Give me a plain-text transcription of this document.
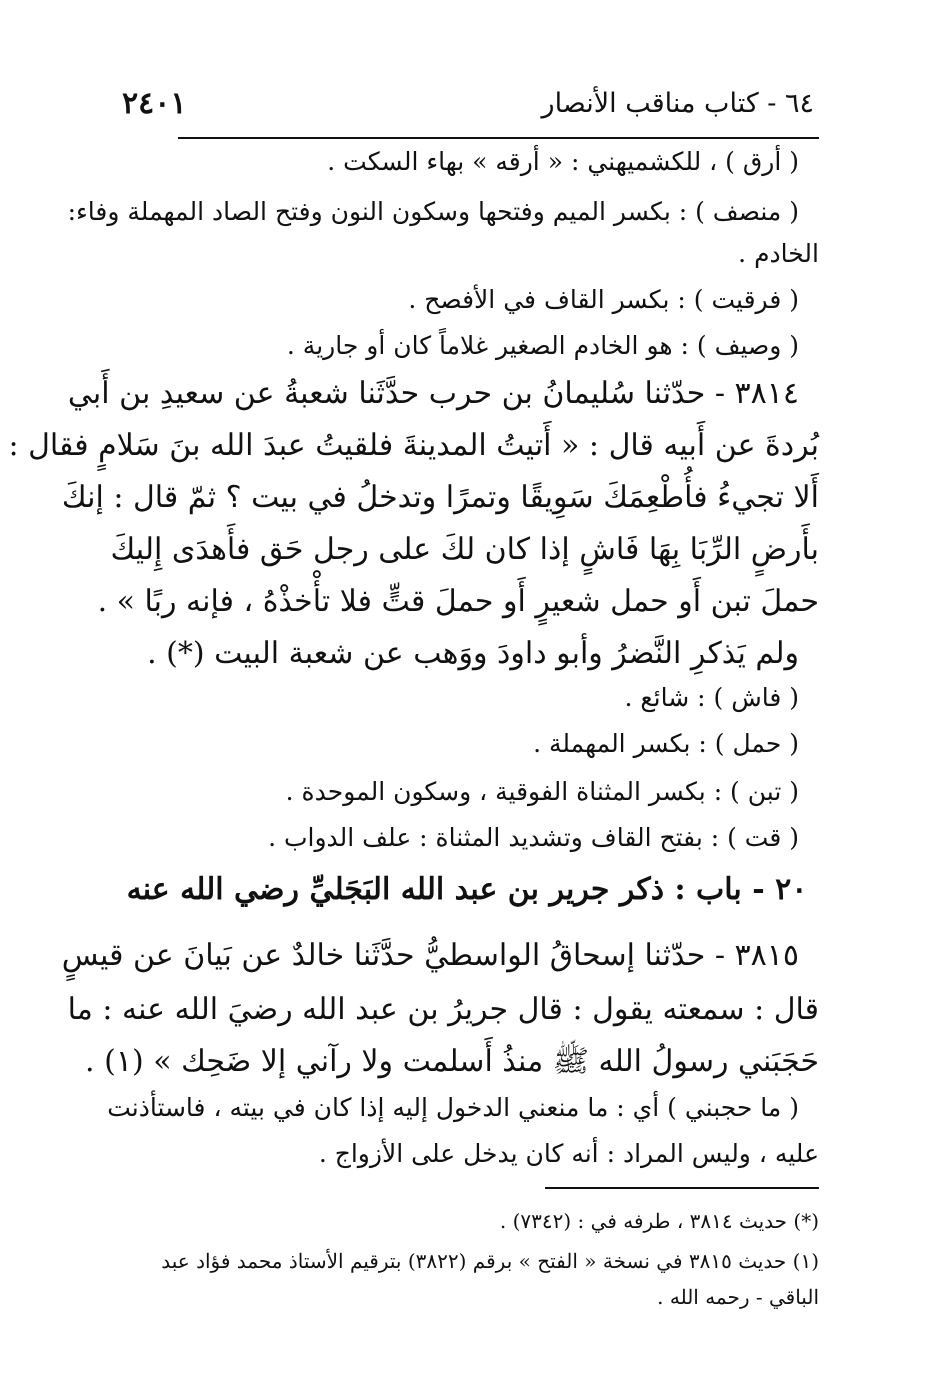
٦٤ - كتاب مناقب الأنصار
٢٤٠١
( أرق ) ، للكشميهني : « أرقه » بهاء السكت .
( منصف ) : بكسر الميم وفتحها وسكون النون وفتح الصاد المهملة وفاء:
الخادم .
( فرقيت ) : بكسر القاف في الأفصح .
( وصيف ) : هو الخادم الصغير غلاماً كان أو جارية .
٣٨١٤ - حدّثنا سُليمانُ بن حرب حدَّثَنا شعبةُ عن سعيدِ بن أَبي
بُردةَ عن أَبيه قال : « أَتيتُ المدينةَ فلقيتُ عبدَ الله بنَ سَلامٍ فقال :
أَلا تجيءُ فأُطْعِمَكَ سَوِيقًا وتمرًا وتدخلُ في بيت ؟ ثمّ قال : إنكَ
بأَرضٍ الرِّبَا بِهَا فَاشٍ إذا كان لكَ على رجل حَق فأَهدَى إِليكَ
حملَ تبن أَو حمل شعيرٍ أَو حملَ قتٍّ فلا تأْخذْهُ ، فإنه ربًا » .
ولم يَذكرِ النَّضرُ وأبو داودَ ووَهب عن شعبة البيت (*) .
( فاش ) : شائع .
( حمل ) : بكسر المهملة .
( تبن ) : بكسر المثناة الفوقية ، وسكون الموحدة .
( قت ) : بفتح القاف وتشديد المثناة : علف الدواب .
٢٠ - باب : ذكر جرير بن عبد الله البَجَليِّ رضي الله عنه
٣٨١٥ - حدّثنا إسحاقُ الواسطيُّ حدَّثَنا خالدٌ عن بَيانَ عن قيسٍ
قال : سمعته يقول : قال جريرُ بن عبد الله رضيَ الله عنه : ما
حَجَبَني رسولُ الله ﷺ منذُ أَسلمت ولا رآني إلا ضَحِك » (١) .
( ما حجبني ) أي : ما منعني الدخول إليه إذا كان في بيته ، فاستأذنت
عليه ، وليس المراد : أنه كان يدخل على الأزواج .
(*) حديث ٣٨١٤ ، طرفه في : (٧٣٤٢) .
(١) حديث ٣٨١٥ في نسخة « الفتح » برقم (٣٨٢٢) بترقيم الأستاذ محمد فؤاد عبد
الباقي - رحمه الله .
